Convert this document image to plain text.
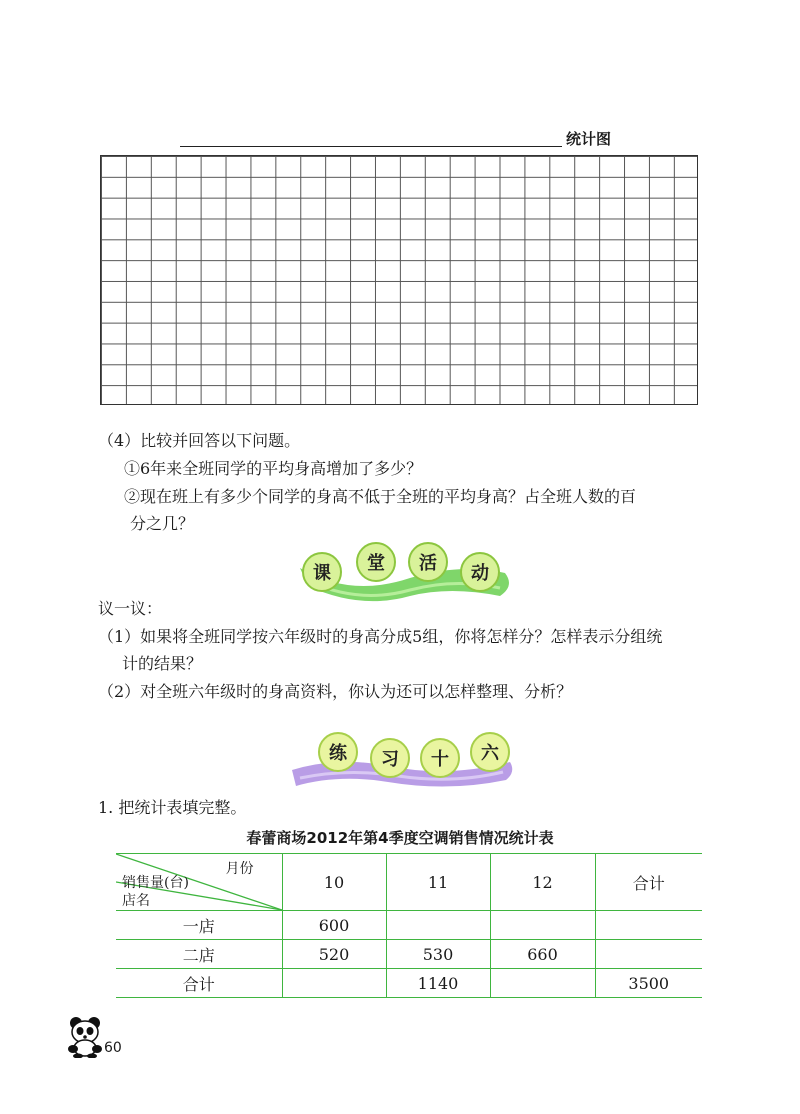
统计图
（4）比较并回答以下问题。
①6年来全班同学的平均身高增加了多少？
②现在班上有多少个同学的身高不低于全班的平均身高？占全班人数的百
分之几？
课	堂	活	动
议一议：
（1）如果将全班同学按六年级时的身高分成5组，你将怎样分？怎样表示分组统
计的结果？
（2）对全班六年级时的身高资料，你认为还可以怎样整理、分析？
练	习	十	六
1. 把统计表填完整。
春蕾商场2012年第4季度空调销售情况统计表
月份
销售量(台)
店名	10	11	12	合计
一店	600			
二店	520	530	660	
合计		1140		3500
60
